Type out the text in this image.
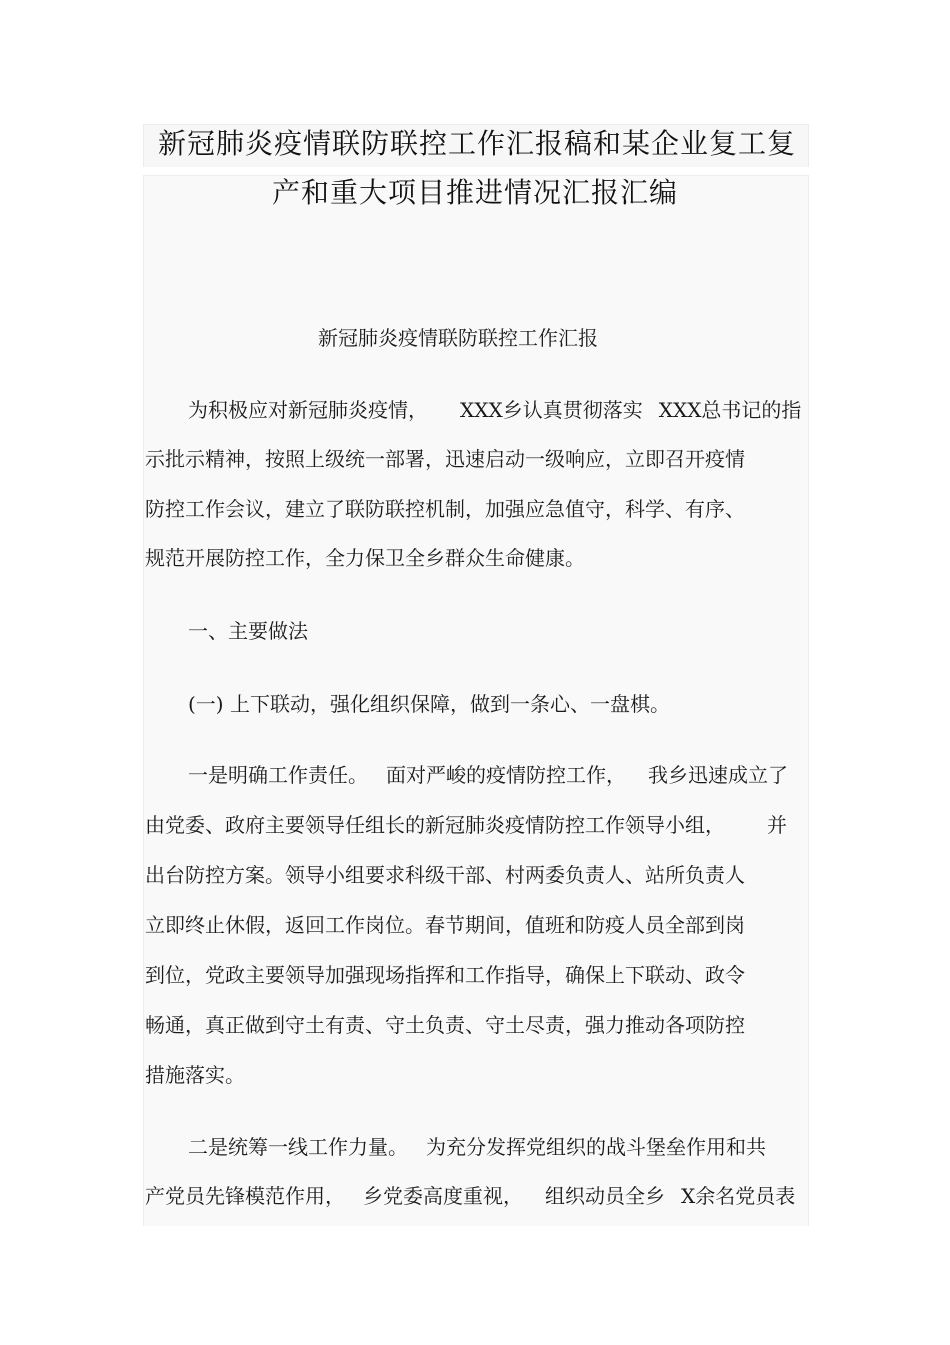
新冠肺炎疫情联防联控工作汇报稿和某企业复工复
产和重大项目推进情况汇报汇编
新冠肺炎疫情联防联控工作汇报
为积极应对新冠肺炎疫情， XXX乡认真贯彻落实 XXX总书记的指
示批示精神，按照上级统一部署，迅速启动一级响应，立即召开疫情
防控工作会议，建立了联防联控机制，加强应急值守，科学、有序、
规范开展防控工作，全力保卫全乡群众生命健康。
一、主要做法
(一) 上下联动，强化组织保障，做到一条心、一盘棋。
一是明确工作责任。 面对严峻的疫情防控工作， 我乡迅速成立了
由党委、政府主要领导任组长的新冠肺炎疫情防控工作领导小组， 并
出台防控方案。领导小组要求科级干部、村两委负责人、站所负责人
立即终止休假，返回工作岗位。春节期间，值班和防疫人员全部到岗
到位，党政主要领导加强现场指挥和工作指导，确保上下联动、政令
畅通，真正做到守土有责、守土负责、守土尽责，强力推动各项防控
措施落实。
二是统筹一线工作力量。 为充分发挥党组织的战斗堡垒作用和共
产党员先锋模范作用， 乡党委高度重视， 组织动员全乡 X余名党员表
